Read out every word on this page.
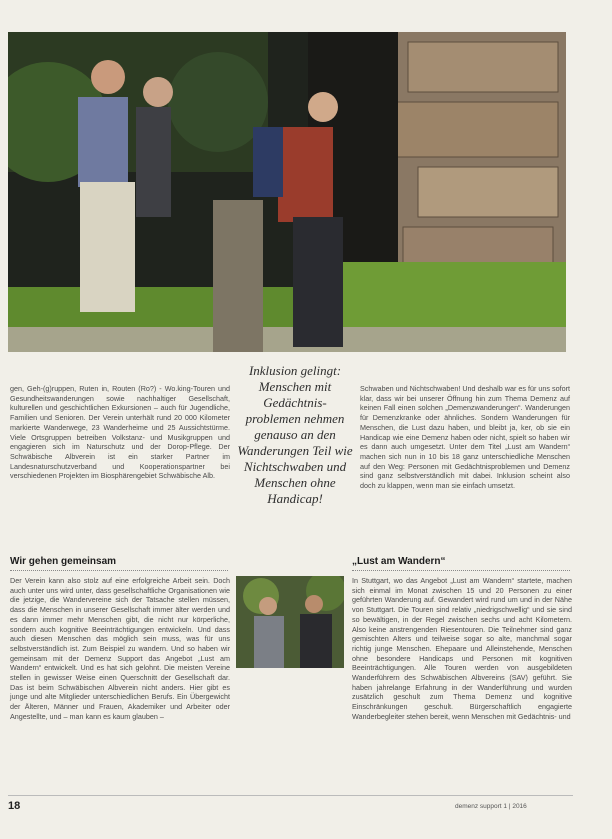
gen, Geh‑(g)ruppen, Ruten in, Routen (Ro?) ‑ Wo.king‑Touren und Gesundheitswanderungen sowie nachhaltiger Gesellschaft, kulturellen und geschichtlichen Exkursionen – auch für Jugendliche, Familien und Senioren. Der Verein unterhält rund 20 000 Kilometer markierte Wanderwege, 23 Wanderheime und 25 Aussichtstürme. Viele Ortsgruppen betreiben Volkstanz‑ und Musikgruppen und engagieren sich im Naturschutz und der Dorop‑Pflege. Der Schwäbische Albverein ist ein starker Partner im Landesnaturschutzverband und Kooperationspartner bei verschiedenen Projekten im Biosphärengebiet Schwäbische Alb.

Inklusion gelingt: Menschen mit Gedächtnis-problemen nehmen genauso an den Wanderungen Teil wie Nichtschwaben und Menschen ohne Handicap!

Schwaben und Nichtschwaben! Und deshalb war es für uns sofort klar, dass wir bei unserer Öffnung hin zum Thema Demenz auf keinen Fall einen solchen „Demenzwanderungen“. Wanderungen für Demenzkranke oder ähnliches. Sondern Wanderungen für Menschen, die Lust dazu haben, und bleibt ja, ker, ob sie ein Handicap wie eine Demenz haben oder nicht, spielt so haben wir es dann auch umgesetzt. Unter dem Titel „Lust am Wandern“ machen sich nun in 10 bis 18 ganz unterschiedliche Menschen auf den Weg: Personen mit Gedächtnisproblemen und Demenz sind ganz selbstverständlich mit dabei. Inklusion scheint also doch zu klappen, wenn man sie einfach umsetzt.

Wir gehen gemeinsam	„Lust am Wandern“

Der Verein kann also stolz auf eine erfolgreiche Arbeit sein. Doch auch unter uns wird unter, dass gesellschaftliche Organisationen wie die jetzige, die Wandervereine sich der Tatsache stellen müssen, dass die Menschen in unserer Gesellschaft immer älter werden und es dann immer mehr Menschen gibt, die nicht nur körperliche, sondern auch kognitive Beeinträchtigungen entwickeln. Und dass auch diesen Menschen das möglich sein muss, was für uns selbstverständlich ist. Zum Beispiel zu wandern. Und so haben wir gemeinsam mit der Demenz Support das Angebot „Lust am Wandern“ entwickelt. Und es hat sich gelohnt. Die meisten Vereine stellen in gewisser Weise einen Querschnitt der Gesellschaft dar. Das ist beim Schwäbischen Albverein nicht anders. Hier gibt es junge und alte Mitglieder unterschiedlichen Berufs. Ein Übergewicht der Älteren, Männer und Frauen, Akademiker und Arbeiter oder Angestellte, und – man kann es kaum glauben –

In Stuttgart, wo das Angebot „Lust am Wandern“ startete, machen sich einmal im Monat zwischen 15 und 20 Personen zu einer geführten Wanderung auf. Gewandert wird rund um und in der Nähe von Stuttgart. Die Touren sind relativ „niedrigschwellig“ und sie sind so bewältigen, in der Regel zwischen sechs und acht Kilometern. Also keine anstrengenden Riesentouren. Die Teilnehmer sind ganz gemischten Alters und teilweise sogar so alte, manchmal sogar richtig junge Menschen. Ehepaare und Alleinstehende, Menschen ohne besondere Handicaps und Personen mit kognitiven Beeinträchtigungen. Alle Touren werden von ausgebildeten Wanderführern des Schwäbischen Albvereins (SAV) geführt. Sie haben jahrelange Erfahrung in der Wanderführung und wurden zusätzlich geschult zum Thema Demenz und kognitive Einschränkungen geschult. Bürgerschaftlich engagierte Wanderbegleiter stehen bereit, wenn Menschen mit Gedächtnis‑ und

18	demenz support 1 | 2016
